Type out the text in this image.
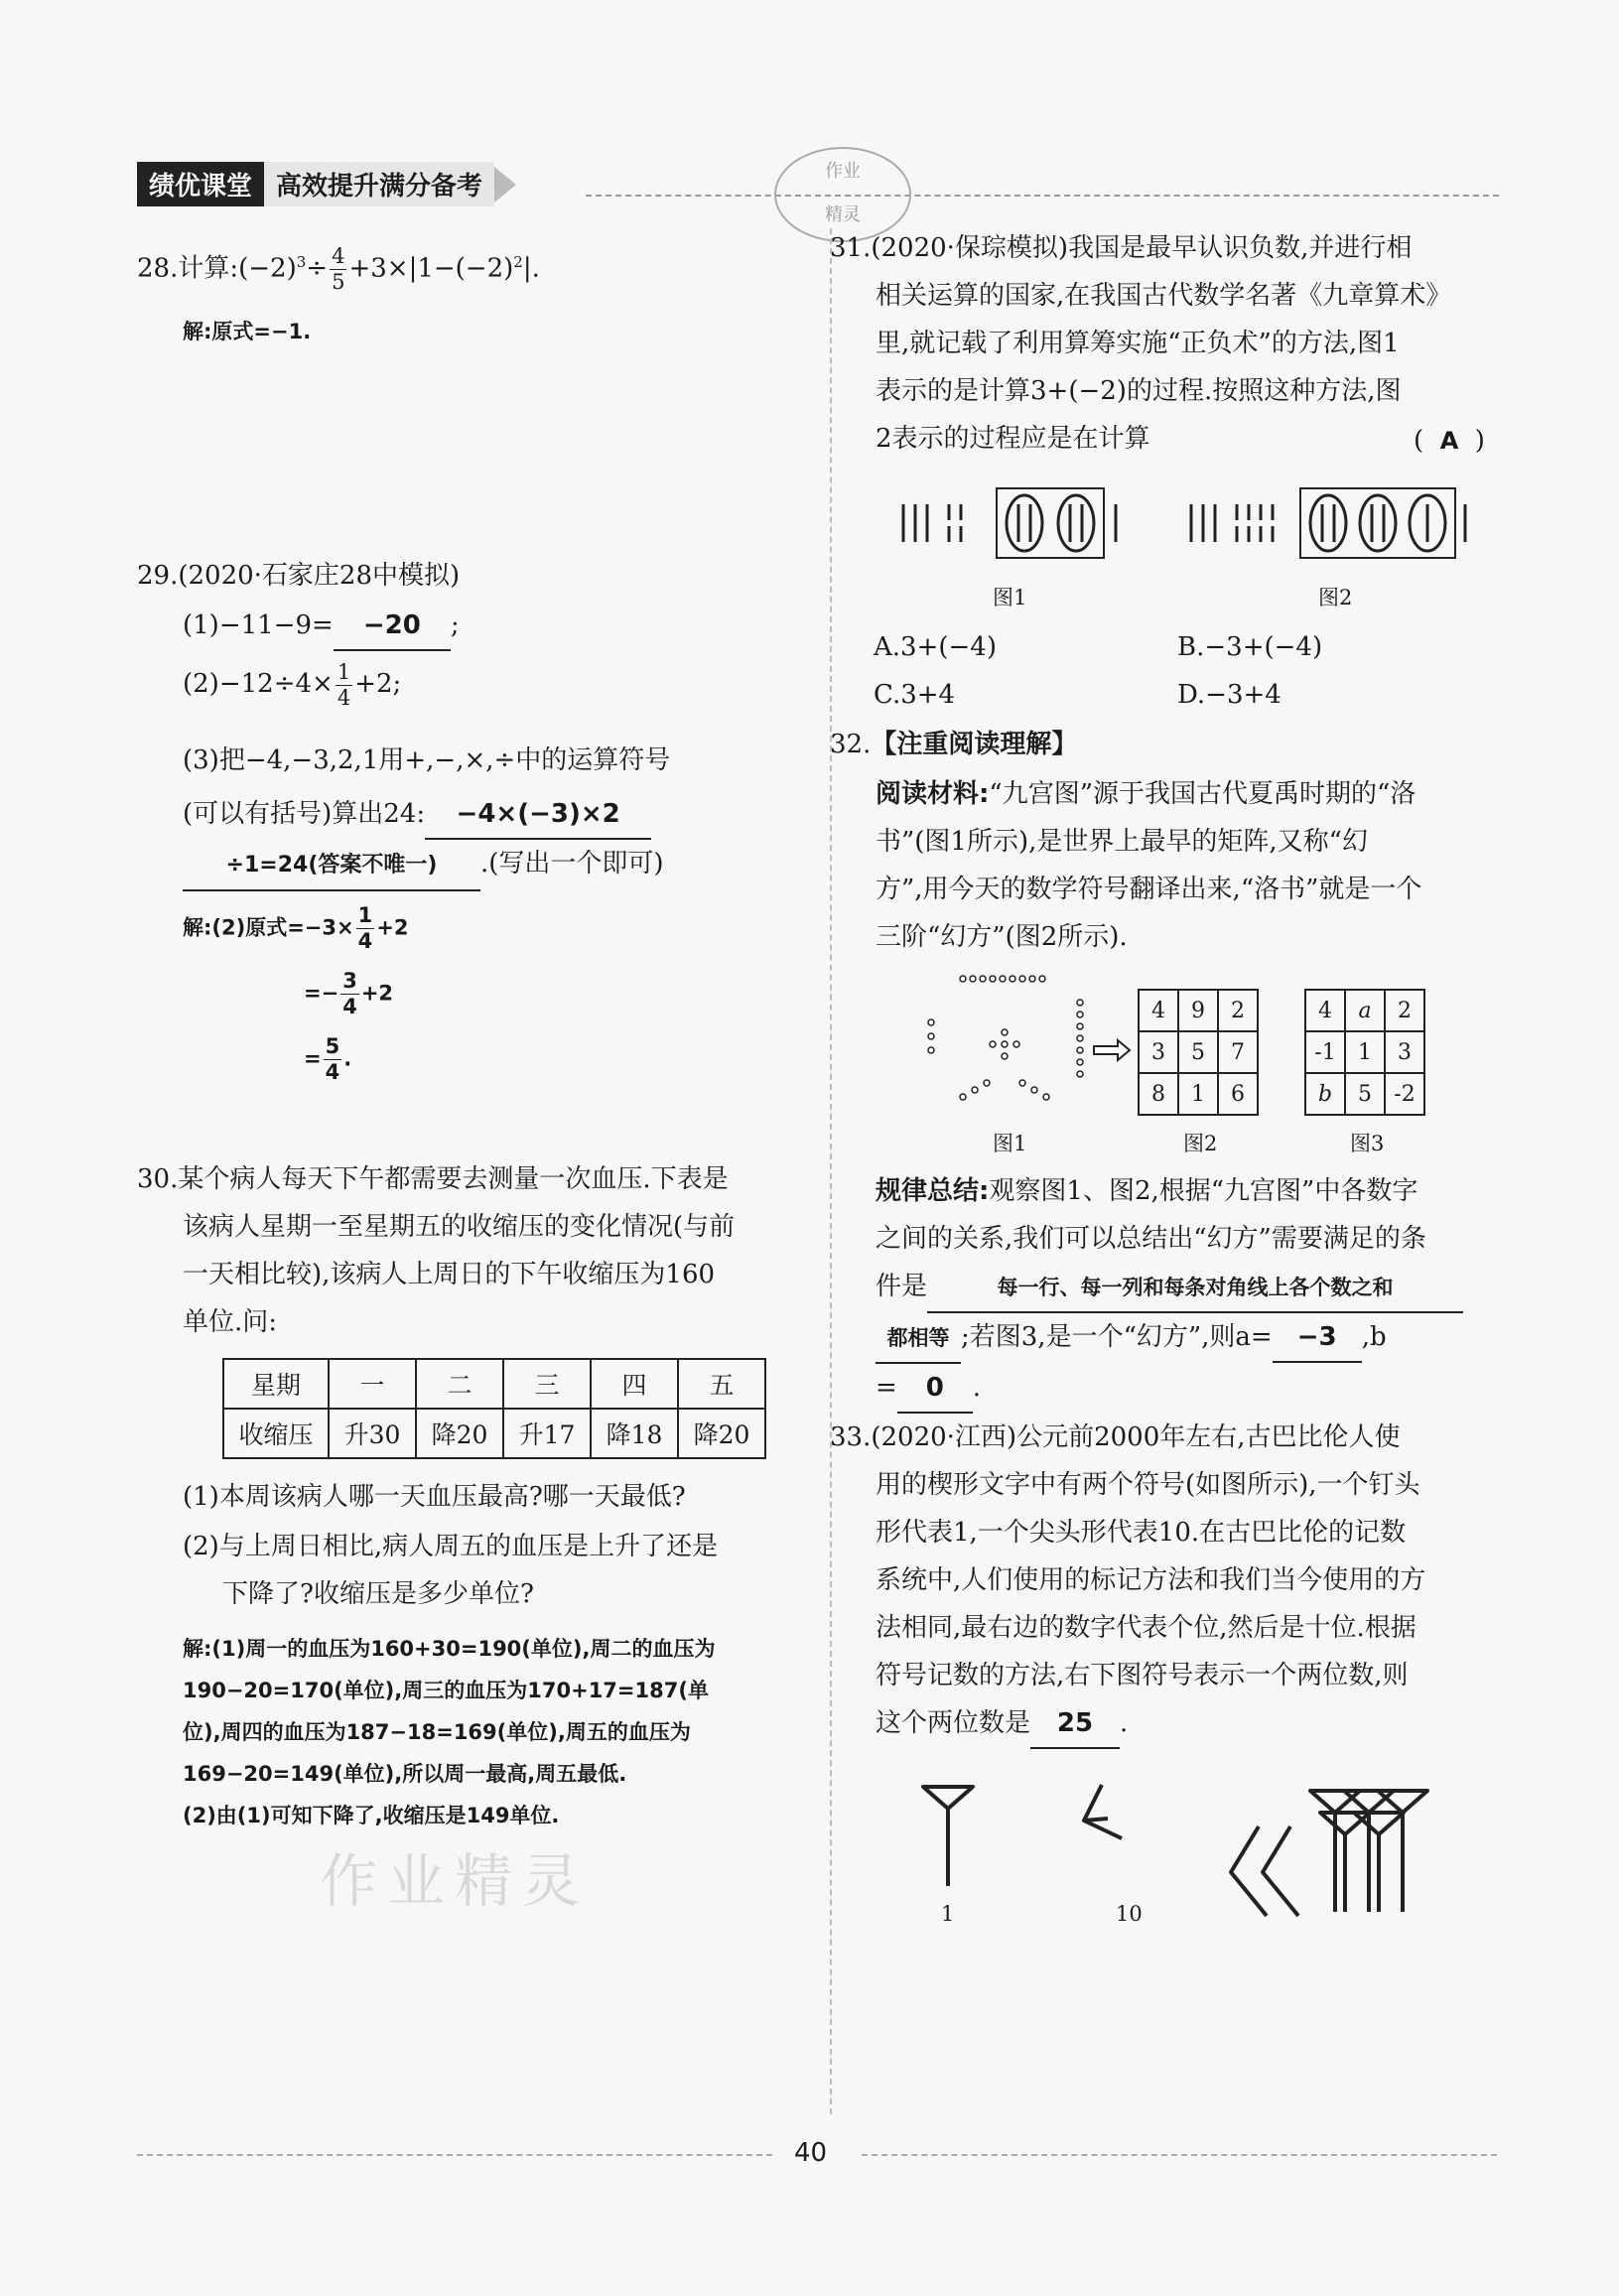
绩优课堂 高效提升满分备考
作业
精灵
28.计算$:(-2)^3\div \frac{4}{5} +3\times|1-(-2)^2|$.
解:原式=−1.
29.(2020·石家庄28中模拟)
(1)−11−9= −20 ;
$(2)-12\div 4\times \frac{1}{4} +2$;
(3)把−4,−3,2,1用+,−,×,÷中的运算符号
(可以有括号)算出24: −4×(−3)×2
÷1=24(答案不唯一) .(写出一个即可)
解:(2)原式$=-3\times \frac{1}{4} +2$
=− $\frac{3}{4} +2$
= $\frac{5}{4}$ .
30.某个病人每天下午都需要去测量一次血压.下表是
该病人星期一至星期五的收缩压的变化情况(与前
一天相比较),该病人上周日的下午收缩压为160
单位.问:
星期	一	二	三	四	五
收缩压	升30	降20	升17	降18	降20
(1)本周该病人哪一天血压最高?哪一天最低?
(2)与上周日相比,病人周五的血压是上升了还是
下降了?收缩压是多少单位?
解:(1)周一的血压为160+30=190(单位),周二的血压为
190−20=170(单位),周三的血压为170+17=187(单
位),周四的血压为187−18=169(单位),周五的血压为
169−20=149(单位),所以周一最高,周五最低.
(2)由(1)可知下降了,收缩压是149单位.
作业精灵
31.(2020·保琮模拟)我国是最早认识负数,并进行相
相关运算的国家,在我国古代数学名著《九章算术》
里,就记载了利用算筹实施“正负术”的方法,图1
表示的是计算3+(−2)的过程.按照这种方法,图
2表示的过程应是在计算	(  A  )
图1	图2
A.3+(−4)	B.−3+(−4)
C.3+4	D.−3+4
32.【注重阅读理解】
阅读材料:“九宫图”源于我国古代夏禹时期的“洛
书”(图1所示),是世界上最早的矩阵,又称“幻
方”,用今天的数学符号翻译出来,“洛书”就是一个
三阶“幻方”(图2所示).
4	9	2
3	5	7
8	1	6
4	a	2
-1	1	3
b	5	-2
图1	图2	图3
规律总结:观察图1、图2,根据“九宫图”中各数字
之间的关系,我们可以总结出“幻方”需要满足的条
件是	每一行、每一列和每条对角线上各个数之和
都相等 ;若图3,是一个“幻方”,则a= −3 ,b
= 0 .
33.(2020·江西)公元前2000年左右,古巴比伦人使
用的楔形文字中有两个符号(如图所示),一个钉头
形代表1,一个尖头形代表10.在古巴比伦的记数
系统中,人们使用的标记方法和我们当今使用的方
法相同,最右边的数字代表个位,然后是十位.根据
符号记数的方法,右下图符号表示一个两位数,则
这个两位数是 25 .
1	10
40
